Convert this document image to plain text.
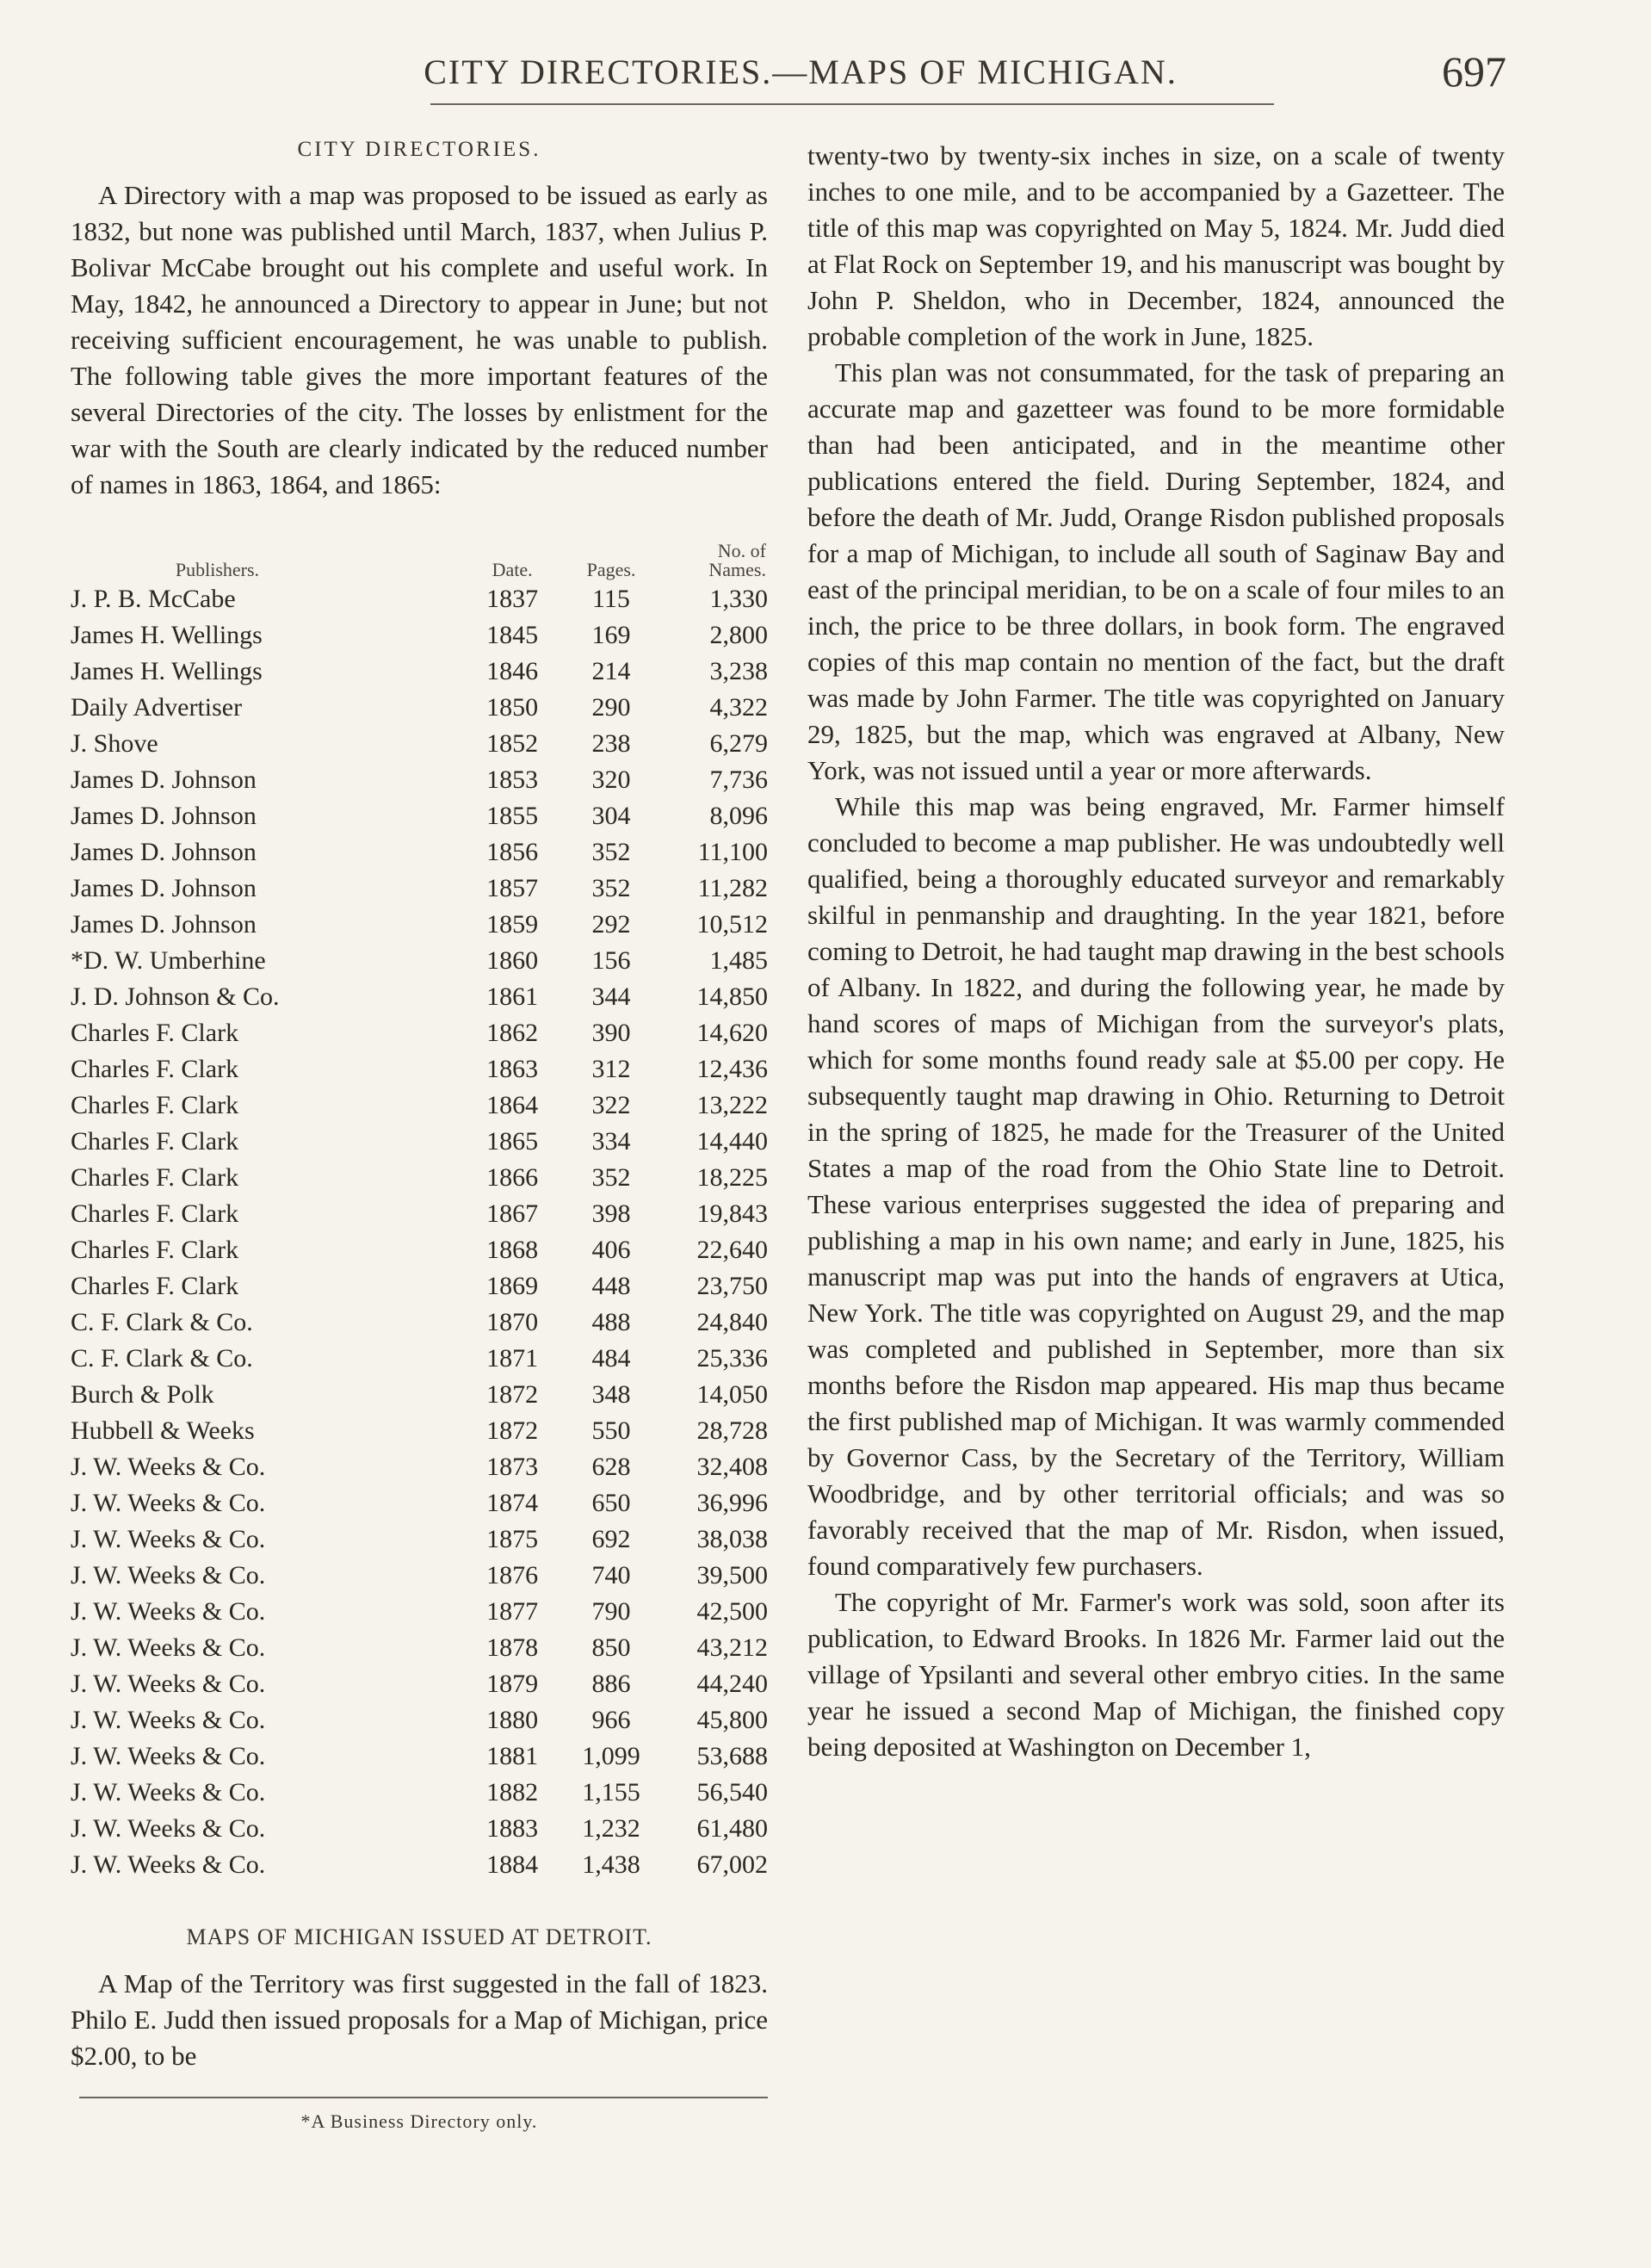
CITY DIRECTORIES.—MAPS OF MICHIGAN.	697
CITY DIRECTORIES.

A Directory with a map was proposed to be issued as early as 1832, but none was published until March, 1837, when Julius P. Bolivar McCabe brought out his complete and useful work. In May, 1842, he announced a Directory to appear in June; but not receiving sufficient encouragement, he was unable to publish. The following table gives the more important features of the several Directories of the city. The losses by enlistment for the war with the South are clearly indicated by the reduced number of names in 1863, 1864, and 1865:

Publishers.	Date.	Pages.	No. of
Names.
J. P. B. McCabe	1837	115	1,330
James H. Wellings	1845	169	2,800
James H. Wellings	1846	214	3,238
Daily Advertiser	1850	290	4,322
J. Shove	1852	238	6,279
James D. Johnson	1853	320	7,736
James D. Johnson	1855	304	8,096
James D. Johnson	1856	352	11,100
James D. Johnson	1857	352	11,282
James D. Johnson	1859	292	10,512
*D. W. Umberhine	1860	156	1,485
J. D. Johnson & Co.	1861	344	14,850
Charles F. Clark	1862	390	14,620
Charles F. Clark	1863	312	12,436
Charles F. Clark	1864	322	13,222
Charles F. Clark	1865	334	14,440
Charles F. Clark	1866	352	18,225
Charles F. Clark	1867	398	19,843
Charles F. Clark	1868	406	22,640
Charles F. Clark	1869	448	23,750
C. F. Clark & Co.	1870	488	24,840
C. F. Clark & Co.	1871	484	25,336
Burch & Polk	1872	348	14,050
Hubbell & Weeks	1872	550	28,728
J. W. Weeks & Co.	1873	628	32,408
J. W. Weeks & Co.	1874	650	36,996
J. W. Weeks & Co.	1875	692	38,038
J. W. Weeks & Co.	1876	740	39,500
J. W. Weeks & Co.	1877	790	42,500
J. W. Weeks & Co.	1878	850	43,212
J. W. Weeks & Co.	1879	886	44,240
J. W. Weeks & Co.	1880	966	45,800
J. W. Weeks & Co.	1881	1,099	53,688
J. W. Weeks & Co.	1882	1,155	56,540
J. W. Weeks & Co.	1883	1,232	61,480
J. W. Weeks & Co.	1884	1,438	67,002
MAPS OF MICHIGAN ISSUED AT DETROIT.

A Map of the Territory was first suggested in the fall of 1823. Philo E. Judd then issued proposals for a Map of Michigan, price $2.00, to be

*A Business Directory only.

twenty-two by twenty-six inches in size, on a scale of twenty inches to one mile, and to be accompanied by a Gazetteer. The title of this map was copyrighted on May 5, 1824. Mr. Judd died at Flat Rock on September 19, and his manuscript was bought by John P. Sheldon, who in December, 1824, announced the probable completion of the work in June, 1825.

This plan was not consummated, for the task of preparing an accurate map and gazetteer was found to be more formidable than had been anticipated, and in the meantime other publications entered the field. During September, 1824, and before the death of Mr. Judd, Orange Risdon published proposals for a map of Michigan, to include all south of Saginaw Bay and east of the principal meridian, to be on a scale of four miles to an inch, the price to be three dollars, in book form. The engraved copies of this map contain no mention of the fact, but the draft was made by John Farmer. The title was copyrighted on January 29, 1825, but the map, which was engraved at Albany, New York, was not issued until a year or more afterwards.

While this map was being engraved, Mr. Farmer himself concluded to become a map publisher. He was undoubtedly well qualified, being a thoroughly educated surveyor and remarkably skilful in penmanship and draughting. In the year 1821, before coming to Detroit, he had taught map drawing in the best schools of Albany. In 1822, and during the following year, he made by hand scores of maps of Michigan from the surveyor's plats, which for some months found ready sale at $5.00 per copy. He subsequently taught map drawing in Ohio. Returning to Detroit in the spring of 1825, he made for the Treasurer of the United States a map of the road from the Ohio State line to Detroit. These various enterprises suggested the idea of preparing and publishing a map in his own name; and early in June, 1825, his manuscript map was put into the hands of engravers at Utica, New York. The title was copyrighted on August 29, and the map was completed and published in September, more than six months before the Risdon map appeared. His map thus became the first published map of Michigan. It was warmly commended by Governor Cass, by the Secretary of the Territory, William Woodbridge, and by other territorial officials; and was so favorably received that the map of Mr. Risdon, when issued, found comparatively few purchasers.

The copyright of Mr. Farmer's work was sold, soon after its publication, to Edward Brooks. In 1826 Mr. Farmer laid out the village of Ypsilanti and several other embryo cities. In the same year he issued a second Map of Michigan, the finished copy being deposited at Washington on December 1,
